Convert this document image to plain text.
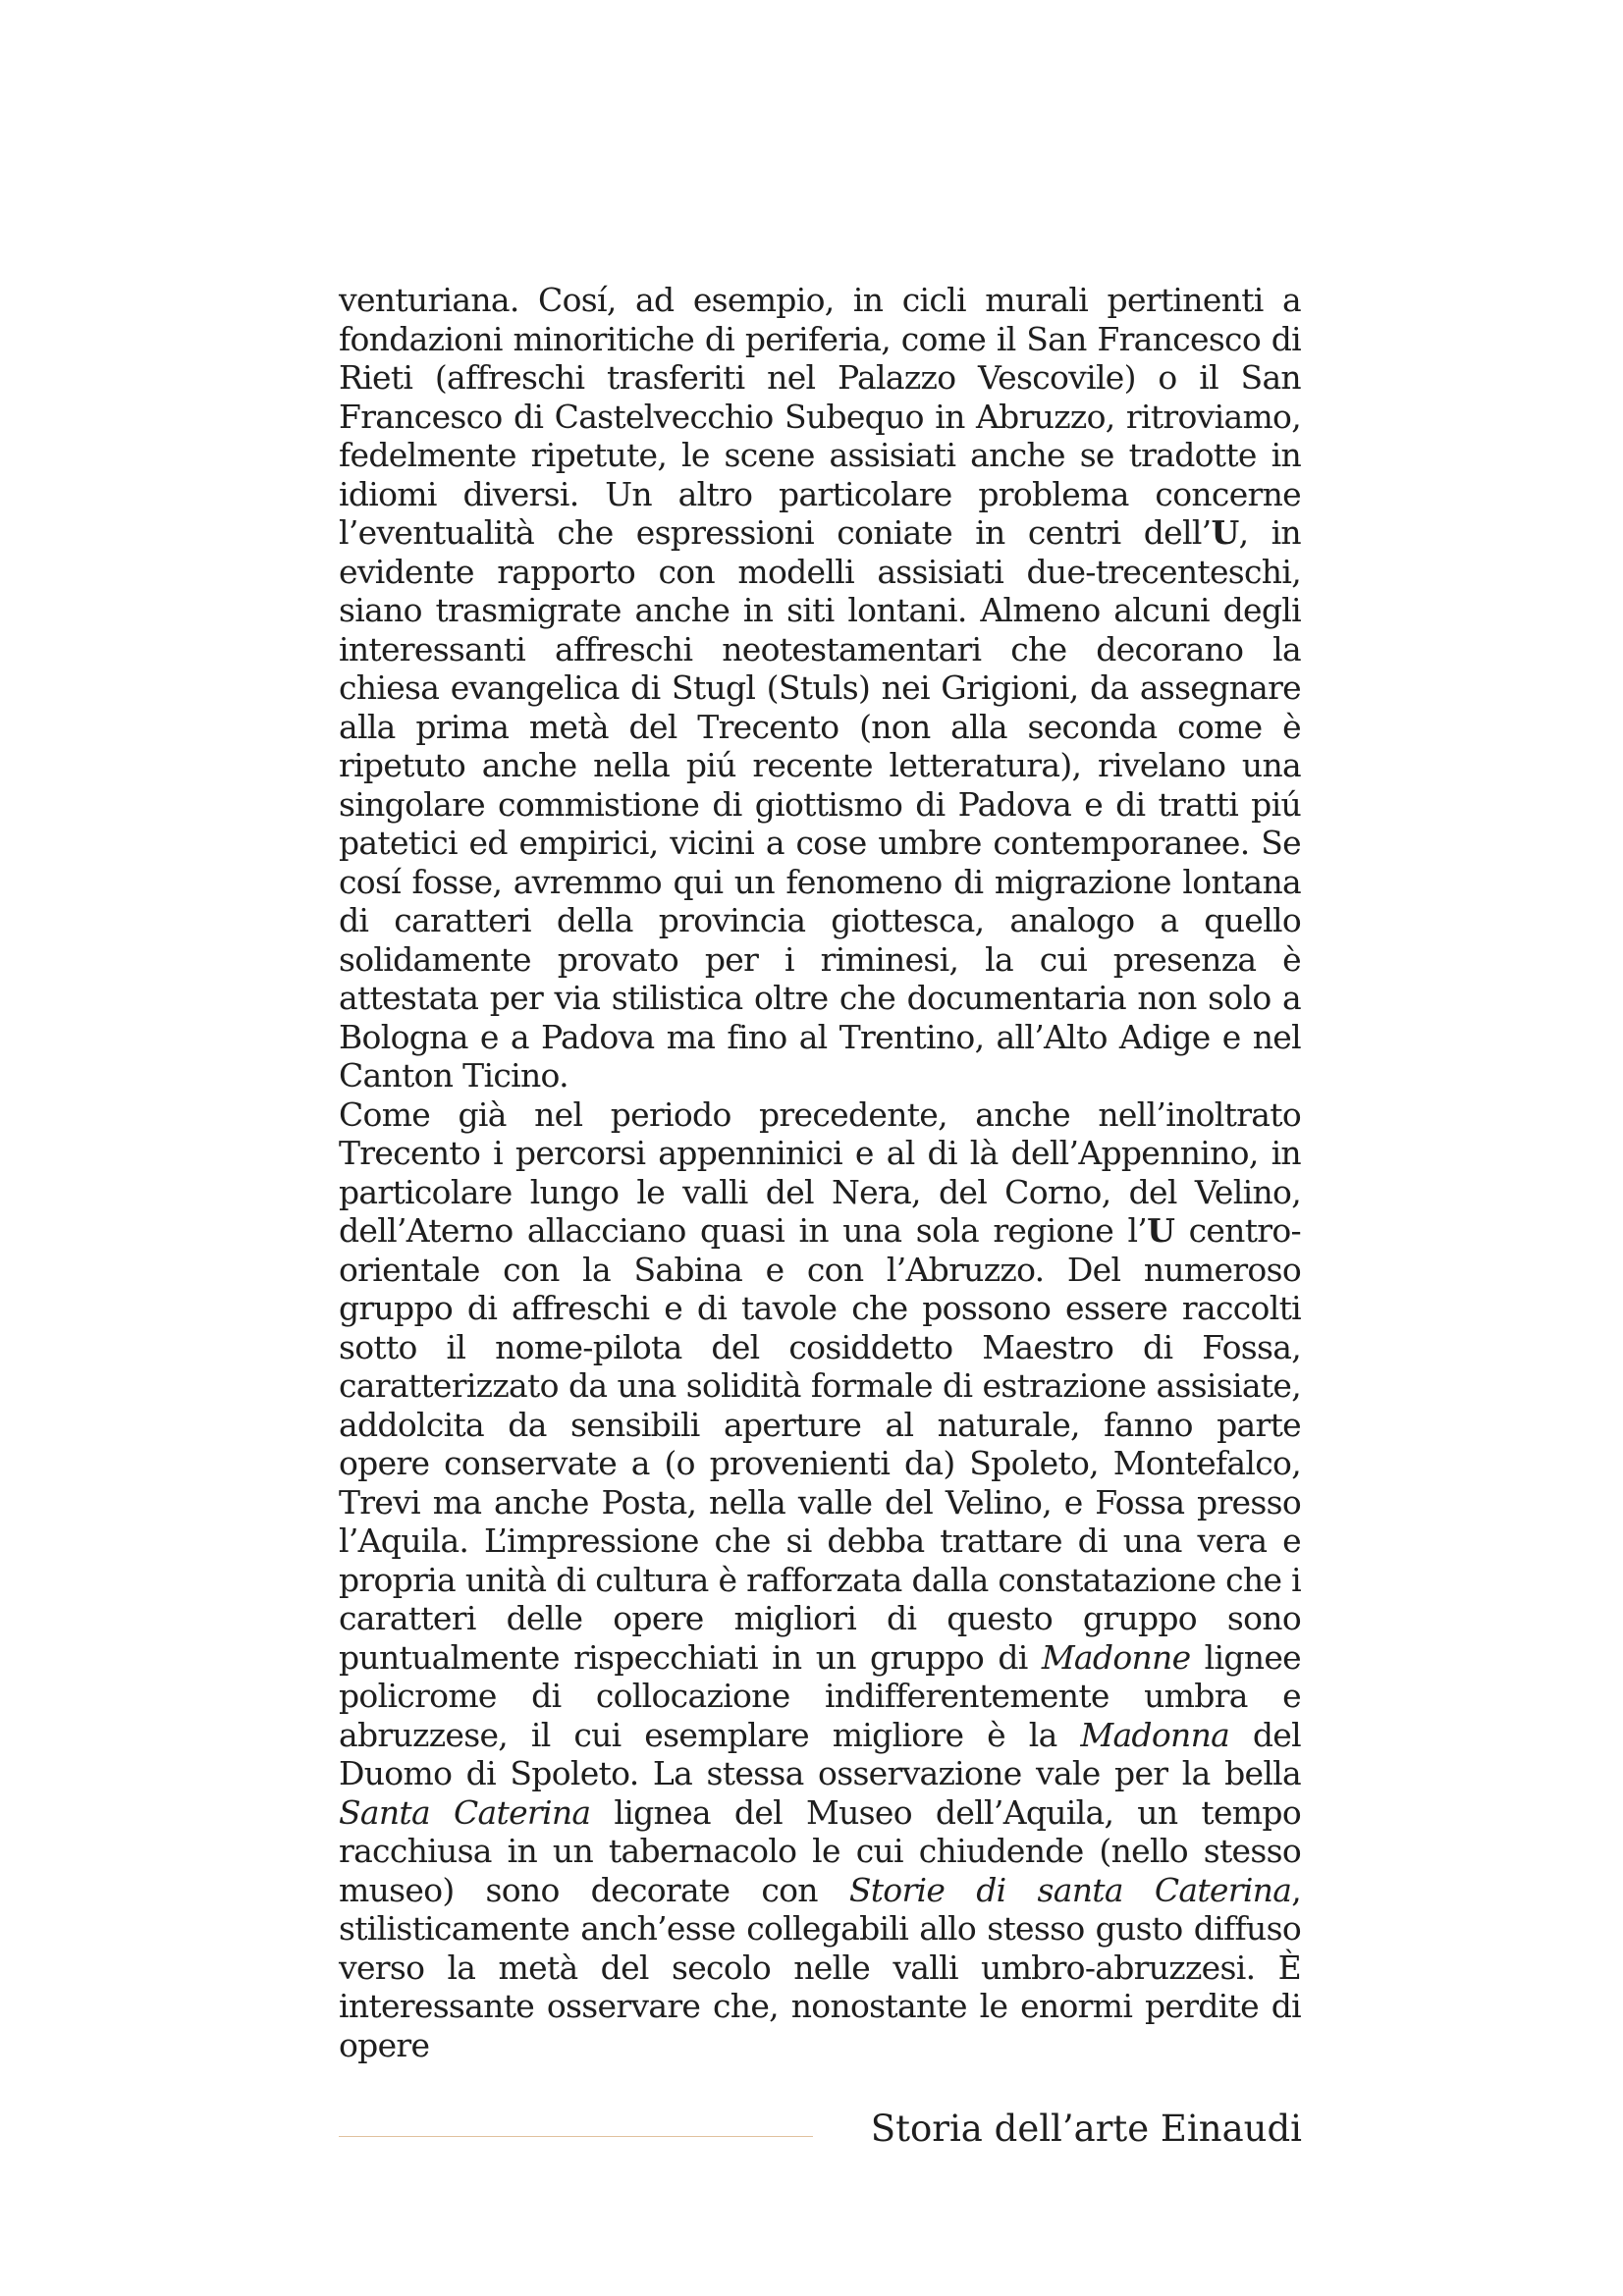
venturiana. Cosí, ad esempio, in cicli murali pertinenti a fondazioni minoritiche di periferia, come il San Francesco di Rieti (affreschi trasferiti nel Palazzo Vescovile) o il San Francesco di Castelvecchio Subequo in Abruzzo, ritroviamo, fedelmente ripetute, le scene assisiati anche se tradotte in idiomi diversi. Un altro particolare problema concerne l’eventualità che espressioni coniate in centri dell’U, in evidente rapporto con modelli assisiati due-trecenteschi, siano trasmigrate anche in siti lontani. Almeno alcuni degli interessanti affreschi neotestamentari che decorano la chiesa evangelica di Stugl (Stuls) nei Grigioni, da assegnare alla prima metà del Trecento (non alla seconda come è ripetuto anche nella piú recente letteratura), rivelano una singolare commistione di giottismo di Padova e di tratti piú patetici ed empirici, vicini a cose umbre contemporanee. Se cosí fosse, avremmo qui un fenomeno di migrazione lontana di caratteri della provincia giottesca, analogo a quello solidamente provato per i riminesi, la cui presenza è attestata per via stilistica oltre che documentaria non solo a Bologna e a Padova ma fino al Trentino, all’Alto Adige e nel Canton Ticino.

Come già nel periodo precedente, anche nell’inoltrato Trecento i percorsi appenninici e al di là dell’Appennino, in particolare lungo le valli del Nera, del Corno, del Velino, dell’Aterno allacciano quasi in una sola regione l’U centro-orientale con la Sabina e con l’Abruzzo. Del numeroso gruppo di affreschi e di tavole che possono essere raccolti sotto il nome-pilota del cosiddetto Maestro di Fossa, caratterizzato da una solidità formale di estrazione assisiate, addolcita da sensibili aperture al naturale, fanno parte opere conservate a (o provenienti da) Spoleto, Montefalco, Trevi ma anche Posta, nella valle del Velino, e Fossa presso l’Aquila. L’impressione che si debba trattare di una vera e propria unità di cultura è rafforzata dalla constatazione che i caratteri delle opere migliori di questo gruppo sono puntualmente rispecchiati in un gruppo di Madonne lignee policrome di collocazione indifferentemente umbra e abruzzese, il cui esemplare migliore è la Madonna del Duomo di Spoleto. La stessa osservazione vale per la bella Santa Caterina lignea del Museo dell’Aquila, un tempo racchiusa in un tabernacolo le cui chiudende (nello stesso museo) sono decorate con Storie di santa Caterina, stilisticamente anch’esse collegabili allo stesso gusto diffuso verso la metà del secolo nelle valli umbro-abruzzesi. È interessante osservare che, nonostante le enormi perdite di opere

Storia dell’arte Einaudi
